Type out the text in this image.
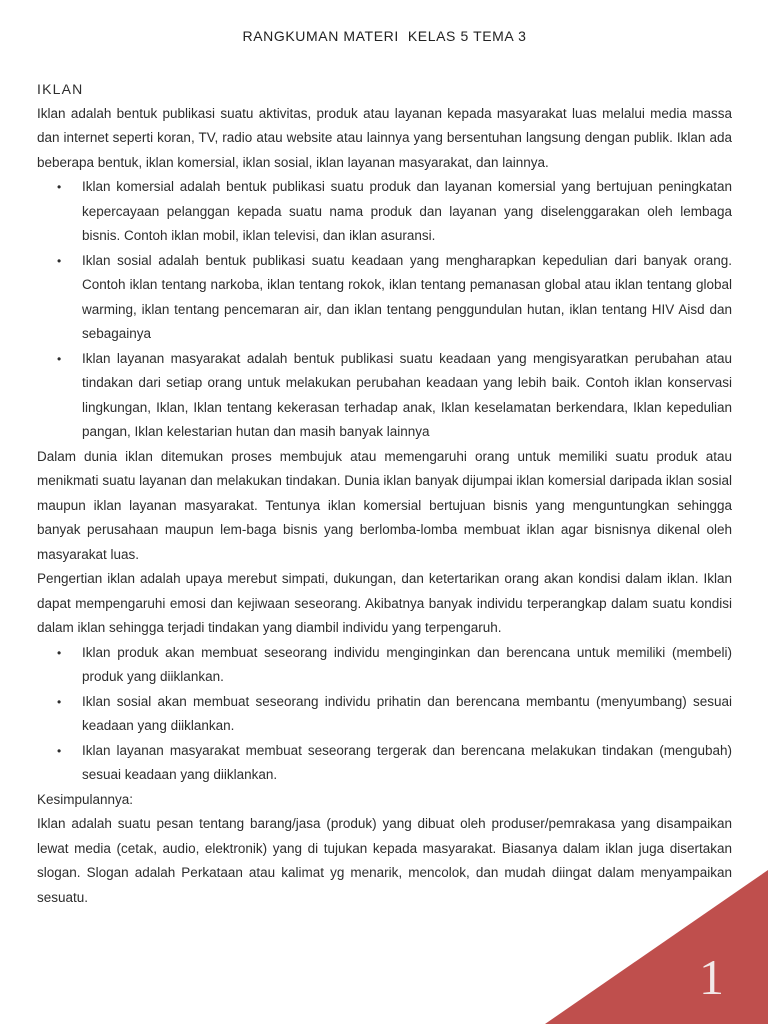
RANGKUMAN MATERI  KELAS 5 TEMA 3
IKLAN

Iklan adalah bentuk publikasi suatu aktivitas, produk atau layanan kepada masyarakat luas melalui media massa dan internet seperti koran, TV, radio atau website atau lainnya yang bersentuhan langsung dengan publik. Iklan ada beberapa bentuk, iklan komersial, iklan sosial, iklan layanan masyarakat, dan lainnya.

• Iklan komersial adalah bentuk publikasi suatu produk dan layanan komersial yang bertujuan peningkatan kepercayaan pelanggan kepada suatu nama produk dan layanan yang diselenggarakan oleh lembaga bisnis. Contoh iklan mobil, iklan televisi, dan iklan asuransi.
• Iklan sosial adalah bentuk publikasi suatu keadaan yang mengharapkan kepedulian dari banyak orang. Contoh iklan tentang narkoba, iklan tentang rokok, iklan tentang pemanasan global atau iklan tentang global warming, iklan tentang pencemaran air, dan iklan tentang penggundulan hutan, iklan tentang HIV Aisd dan sebagainya
• Iklan layanan masyarakat adalah bentuk publikasi suatu keadaan yang mengisyaratkan perubahan atau tindakan dari setiap orang untuk melakukan perubahan keadaan yang lebih baik. Contoh iklan konservasi lingkungan, Iklan, Iklan tentang kekerasan terhadap anak, Iklan keselamatan berkendara, Iklan kepedulian pangan, Iklan kelestarian hutan dan masih banyak lainnya

Dalam dunia iklan ditemukan proses membujuk atau memengaruhi orang untuk memiliki suatu produk atau menikmati suatu layanan dan melakukan tindakan. Dunia iklan banyak dijumpai iklan komersial daripada iklan sosial maupun iklan layanan masyarakat. Tentunya iklan komersial bertujuan bisnis yang menguntungkan sehingga banyak perusahaan maupun lem-baga bisnis yang berlomba-lomba membuat iklan agar bisnisnya dikenal oleh masyarakat luas.

Pengertian iklan adalah upaya merebut simpati, dukungan, dan ketertarikan orang akan kondisi dalam iklan. Iklan dapat mempengaruhi emosi dan kejiwaan seseorang. Akibatnya banyak individu terperangkap dalam suatu kondisi dalam iklan sehingga terjadi tindakan yang diambil individu yang terpengaruh.

• Iklan produk akan membuat seseorang individu menginginkan dan berencana untuk memiliki (membeli) produk yang diiklankan.
• Iklan sosial akan membuat seseorang individu prihatin dan berencana membantu (menyumbang) sesuai keadaan yang diiklankan.
• Iklan layanan masyarakat membuat seseorang tergerak dan berencana melakukan tindakan (mengubah) sesuai keadaan yang diiklankan.

Kesimpulannya:

Iklan adalah suatu pesan tentang barang/jasa (produk) yang dibuat oleh produser/pemrakasa yang disampaikan lewat media (cetak, audio, elektronik) yang di tujukan kepada masyarakat. Biasanya dalam iklan juga disertakan slogan. Slogan adalah Perkataan atau kalimat yg menarik, mencolok, dan mudah diingat dalam menyampaikan sesuatu.

1
